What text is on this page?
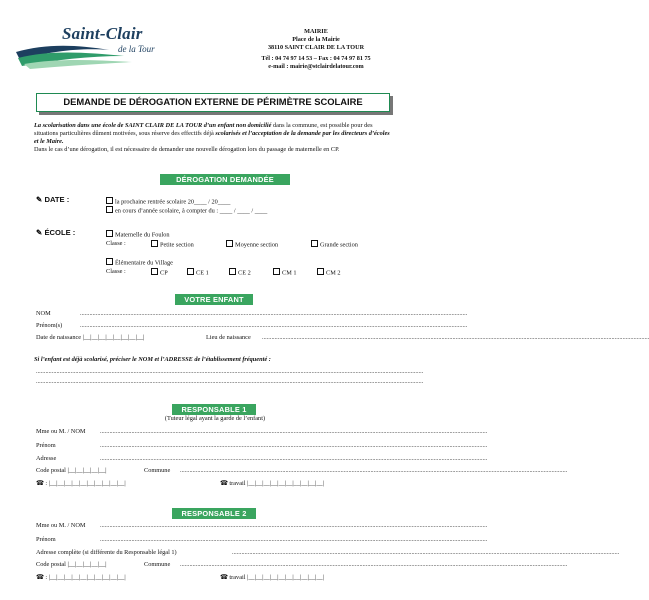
Saint-Clair
de la Tour
MAIRIE
Place de la Mairie
38110 SAINT CLAIR DE LA TOUR
Tél : 04 74 97 14 53 – Fax : 04 74 97 81 75
e-mail : mairie@stclairdelatour.com
DEMANDE DE DÉROGATION EXTERNE DE PÉRIMÈTRE SCOLAIRE
La scolarisation dans une école de SAINT CLAIR DE LA TOUR d’un enfant non domicilié dans la commune, est possible pour des situations particulières dûment motivées, sous réserve des effectifs déjà scolarisés et l’acceptation de la demande par les directeurs d’écoles et le Maire.
Dans le cas d’une dérogation, il est nécessaire de demander une nouvelle dérogation lors du passage de maternelle en CP.
DÉROGATION DEMANDÉE
✎ DATE :	la prochaine rentrée scolaire 20____ / 20____
en cours d’année scolaire, à compter du : ____ / ____ / ____
✎ ÉCOLE :	Maternelle du Foulon
Classe :	Petite section	Moyenne section	Grande section
Élémentaire du Village
Classe :	CP	CE 1	CE 2	CM 1	CM 2
VOTRE ENFANT
NOM	......................................................................................................................................................................................................................................................
Prénom(s)	......................................................................................................................................................................................................................................................
Date de naissance |__|__|__|__|__|__|__|__|	Lieu de naissance ......................................................................................................................................................................................................................................................
Si l’enfant est déjà scolarisé, préciser le NOM et l’ADRESSE de l’établissement fréquenté :
......................................................................................................................................................................................................................................................
......................................................................................................................................................................................................................................................
RESPONSABLE 1
(Tuteur légal ayant la garde de l’enfant)
Mme ou M. / NOM ......................................................................................................................................................................................................................................................
Prénom	......................................................................................................................................................................................................................................................
Adresse	......................................................................................................................................................................................................................................................
Code postal |__|__|__|__|__|	Commune ......................................................................................................................................................................................................................................................
☎ : |__|__|__|__|__|__|__|__|__|__|	☎ travail |__|__|__|__|__|__|__|__|__|__|
RESPONSABLE 2
Mme ou M. / NOM ......................................................................................................................................................................................................................................................
Prénom	......................................................................................................................................................................................................................................................
Adresse complète (si différente du Responsable légal 1)	......................................................................................................................................................................................................................................................
Code postal |__|__|__|__|__|	Commune ......................................................................................................................................................................................................................................................
☎ : |__|__|__|__|__|__|__|__|__|__|	☎ travail |__|__|__|__|__|__|__|__|__|__|
